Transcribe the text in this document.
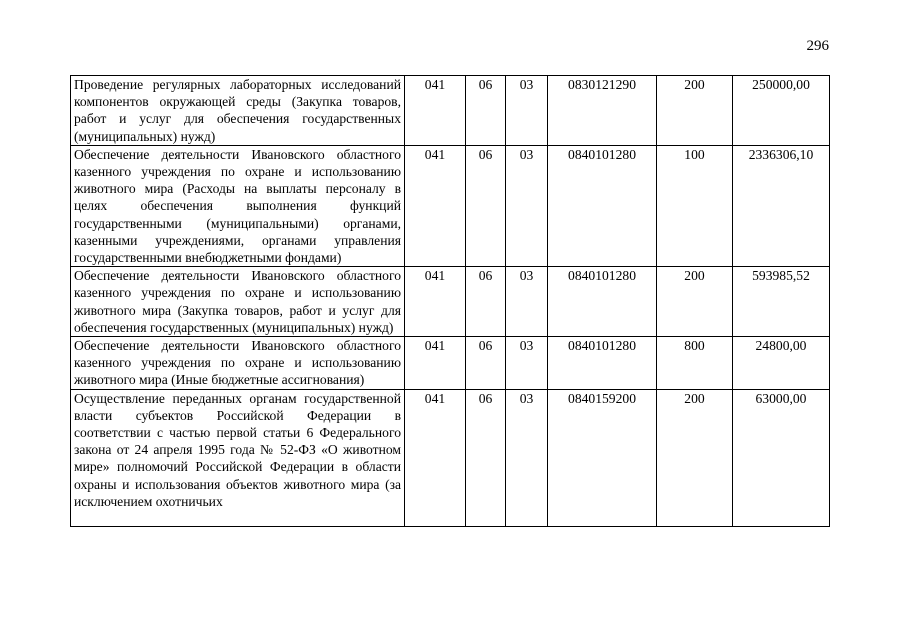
296
Проведение регулярных лабораторных исследований компонентов окружающей среды (Закупка товаров, работ и услуг для обеспечения государственных (муниципальных) нужд)	041	06	03	0830121290	200	250000,00
Обеспечение деятельности Ивановского областного казенного учреждения по охране и использованию животного мира (Расходы на выплаты персоналу в целях обеспечения выполнения функций государственными (муниципальными) органами, казенными учреждениями, органами управления государственными внебюджетными фондами)	041	06	03	0840101280	100	2336306,10
Обеспечение деятельности Ивановского областного казенного учреждения по охране и использованию животного мира (Закупка товаров, работ и услуг для обеспечения государственных (муниципальных) нужд)	041	06	03	0840101280	200	593985,52
Обеспечение деятельности Ивановского областного казенного учреждения по охране и использованию животного мира (Иные бюджетные ассигнования)	041	06	03	0840101280	800	24800,00

Осуществление переданных органам государственной власти субъектов Российской Федерации в соответствии с частью первой статьи 6 Федерального закона от 24 апреля 1995 года № 52-ФЗ «О животном мире» полномочий Российской Федерации в области охраны и использования объектов животного мира (за исключением охотничьих	041	06	03	0840159200	200	63000,00
